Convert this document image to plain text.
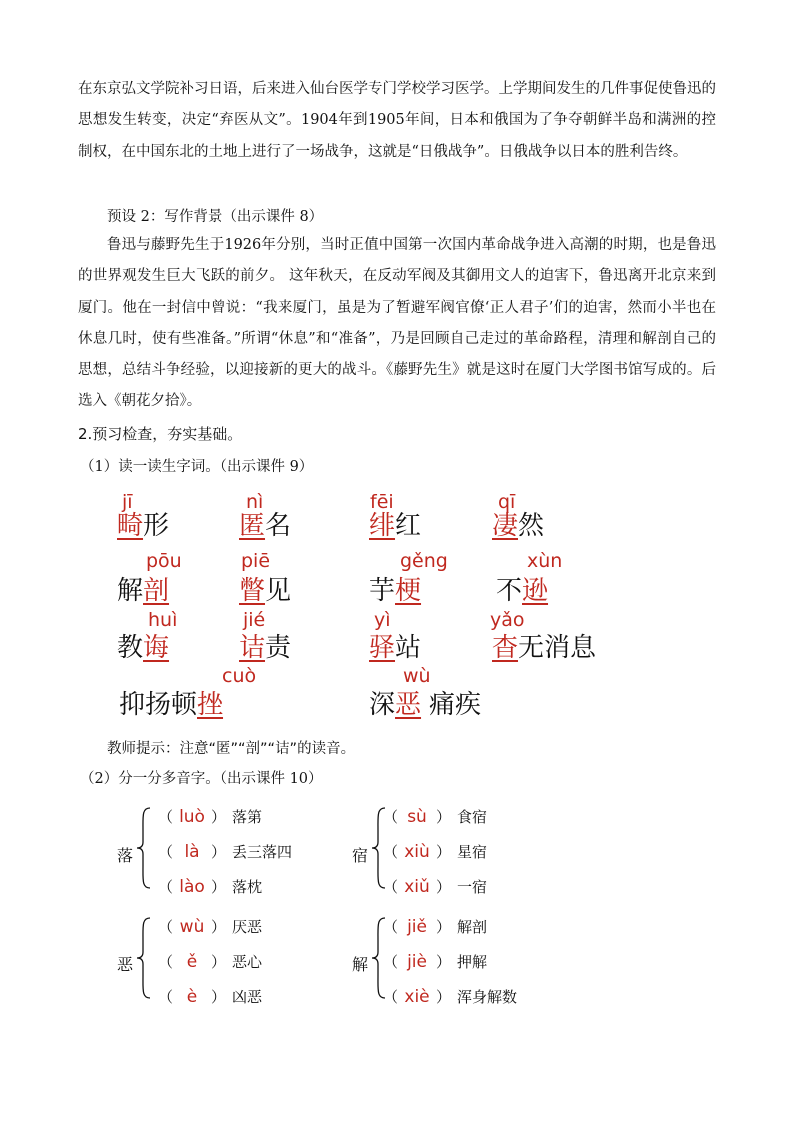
在东京弘文学院补习日语，后来进入仙台医学专门学校学习医学。上学期间发生的几件事促使鲁迅的思想发生转变，决定“弃医从文”。1904年到1905年间，日本和俄国为了争夺朝鲜半岛和满洲的控制权，在中国东北的土地上进行了一场战争，这就是“日俄战争”。日俄战争以日本的胜利告终。

预设 2：写作背景（出示课件 8）

鲁迅与藤野先生于1926年分别，当时正值中国第一次国内革命战争进入高潮的时期，也是鲁迅的世界观发生巨大飞跃的前夕。 这年秋天，在反动军阀及其御用文人的迫害下，鲁迅离开北京来到厦门。他在一封信中曾说：“我来厦门，虽是为了暂避军阀官僚‘正人君子’们的迫害，然而小半也在休息几时，使有些准备。”所谓“休息”和“准备”，乃是回顾自己走过的革命路程，清理和解剖自己的思想，总结斗争经验，以迎接新的更大的战斗。《藤野先生》就是这时在厦门大学图书馆写成的。后选入《朝花夕拾》。

2.预习检查，夯实基础。

（1）读一读生字词。（出示课件 9）

jī
畸形
nì
匿名
fēi
绯红
qī
凄然
pōu
解剖
piē
瞥见
gěng
芋梗
xùn
不逊
huì
教诲
jié
诘责
yì
驿站
yǎo
杳无消息
cuò
抑扬顿挫
wù
深恶 痛疾

教师提示：注意“匿”“剖”“诘”的读音。

（2）分一分多音字。（出示课件 10）

落
（ luò ） 落第
（ là ） 丢三落四
（ lào ） 落枕
宿
（ sù ） 食宿
（ xiù ） 星宿
（ xiǔ ） 一宿
恶
（ wù ） 厌恶
（ ě ） 恶心
（ è ） 凶恶
解
（ jiě ） 解剖
（ jiè ） 押解
（ xiè ） 浑身解数
